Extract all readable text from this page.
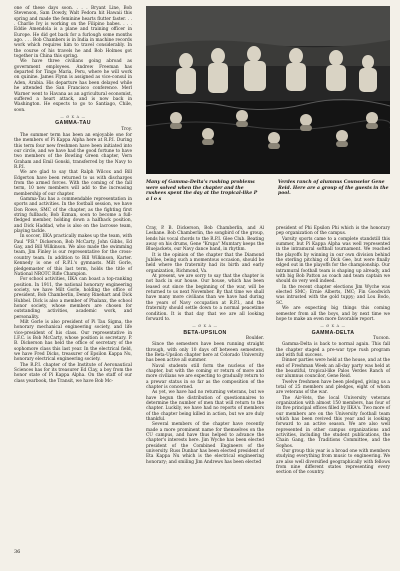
one of these days soon. . . . Bryant Line, Bob Stevenson, Sam Dowdy, Walt Fedora hit Hawaii this spring and made the feminine hearts flutter faster. . . . Charlie Ivy is working on the Filipino babes. . . . Eddie Amendola is a plane and training officer in Europe. He did get back for a furlough some months ago. . . . Bob Chambers is in India in machine records work which requires him to travel considerably. In the course of his travels he and Bob Holmes got together in China this spring.

We have three civilians going abroad as government employees. Andrew Freeman has departed for Tingo Maria, Peru, where he will work on quinine. James Flynn is assigned as vice-consul in Aden, Arabia. His departure has been delayed while he attended the San Francisco conference. Merl Warner went to Havana as an agricultural economist, suffered a heart attack, and is now back in Washington. He expects to go to Santiago, Chile, soon.

— Ø K A —
GAMMA-TAU
Troy.

The summer term has been an enjoyable one for the members of Pi Kappa Alpha here at R.P.I. During this term four new freshmen have been initiated into our circle, and we have had the good fortune to have two members of the Bowling Green chapter, Vern Graham and Emil Gonski, transferred by the Navy to R.P.I.

We are glad to say that Ralph Wilcox and Bill Edgerton have been returned to us with discharges from the armed forces. With the coming of the fall term, 10 new members will add to the increasing membership of our chapter.

Gamma-Tau has a commendable representation in sports and activities. In the football session, we have Don Rowe, SMC of the chapter, as the fighting first string fullback; Bob Ezman, soon to become a full-fledged member, holding down a halfback position, and Dick Haddad, who is also on the lacrosse team, playing tackle.

In soccer, IIKA practically makes up the team, with Paul "P.B." Dickerson, Bob McCarty, John Gibbs, Ed Gay, and Bill Wilkinson. We also made the swimming team, Jim Finley is our representative for the cross-country team. In addition to Bill Wilkinson, Karter. Kennedy is one of R.P.I.'s gymnasts. Milt Gorle, pledgemaster of this last term, holds the title of National NROTC Rifle Champion.

For school activities, IIKA can boast a top-ranking position. In 1911, the national honorary engineering society, we have Milt Gorle, holding the office of president, Bob Chamberlin, Denny Rinehart and Dick Hubbel. Dick is also a member of Phalanx, the school honor society, whose members are chosen for outstanding activities, academic work, and personality.

Milt Gorle is also president of Pi Tau Sigma, the honorary mechanical engineering society, and life vice-president of his class. Our representative in I.F.C. is Bob McCarty, whose position is secretary. P. B. Dickerson has held the office of secretary of the sophomore class this last year. In the electrical field, we have Fred Dicks, treasurer of Epsilon Kappa Nu, honorary electrical engineering society.

The R.P.I. chapter of the Institute of Aeronautical Sciences has for its treasurer Ed Clay, a boy from the honor state of Pi Kappa Alpha. On the staff of our class yearbook, the Transit, we have Bob Mc-

Many of Gamma-Delta's rushing problems were solved when the chapter and the rushees spent the day at the tropical-like P a l o s
Verdes ranch of alumnus Counselor Gene Reid. Here are a group of the guests in the pool.

Cray, P. B. Dickerson, Bob Chamberlin, and Al Leshane. Bob Chamberlin, the songbird of the group, lends his vocal chords to the R.P.I. Glee Club. Beating away on his drums, Gene "Krupa" Mumtary keeps the Bluejackets, our Navy dance band, in rhythm.

It is the opinion of the chapter that the Diamond Jubilee, being such a momentous occasion, should be held where the fraternity had its birth and early organization, Richmond, Va.

At present, we are sorry to say that the chapter is not back in our house. Our house, which has been leased out since the beginning of the war, will be returned to us next November. By that time we shall have many more civilians than we have had during the years of Navy occupation at R.P.I., and the fraternity should settle down to a normal peacetime condition. It is that day that we are all looking forward to.

— Ø K A —
BETA-UPSILON
Boulder.

Since the semesters have been running straight through, with only 10 days off between semesters, the Beta-Upsilon chapter here at Colorado University has been active all summer.

Naval students still form the nucleus of the chapter, but with the coming or return of more and more civilians we are expecting to gradually return to a prewar status in so far as the composition of the chapter is concerned.

As yet, we have had no returning veterans, but we have begun the distribution of questionnaires to determine the number of men that will return to the chapter. Luckily, we have had no reports of members of the chapter being killed in action, but we are duly thankful.

Several members of the chapter have recently made a more prominent name for themselves on the CU campus, and have thus helped to advance the chapter's interests here. Jim Wyche has been elected president of the Combined Engineers of the university. Russ Dunbar has been elected president of Eta Kappa Nu which is the electrical engineering honorary; and smiling Jim Andrews has been elected

president of Phi Epsilon Phi which is the honorary pep organization of the campus.

Varsity sports came to a complete standstill this summer, but Pi Kappa Alpha was well represented in the intramural softball tournament. We reached the playoffs by winning in our own division behind the sterling pitching of Dick Gee, but were finally edged out in the playoffs for the championship. Our intramural football team is shaping up already, and with big Bob Patton as coach and team captain we should do very well indeed.

In the recent chapter elections Jim Wyche was elected SMC; Ernie Alberts, IMC; Fin Goodwich was intrusted with the gold tuppy; and Lou Bodo, SC.

We are expecting big things this coming semester from all the boys, and by next time we hope to make an even more favorable report.

— Ø K A —
GAMMA-DELTA
Tucson.

Gamma-Delta is back to normal again. This fall the chapter staged a pre-war type rush program and with full success.

Dinner parties were held at the house, and at the end of Freshman Week an all-day party was held at the beautiful, tropical-like Palos Verdes Ranch of our alumnus councilor, Gene Reid.

Twelve freshmen have been pledged, giving us a total of 25 members and pledges, eight of whom are veterans of the war.

The Air-Vets, the local University veterans organization with almost 150 members, has four of its five principal offices filled by IIKA's. Two more of our members are on the University football team which has been revived this year and is looking forward to an active season. We are also well represented in other campus organizations and activities, including the student publications, the Chain Gang, the Traditions Committee, and the Sophos.

Our group this year is a broad one with members studying everything from music to engineering. We are also well diversified geographically with fellows from nine different states representing every section of the country.

36
